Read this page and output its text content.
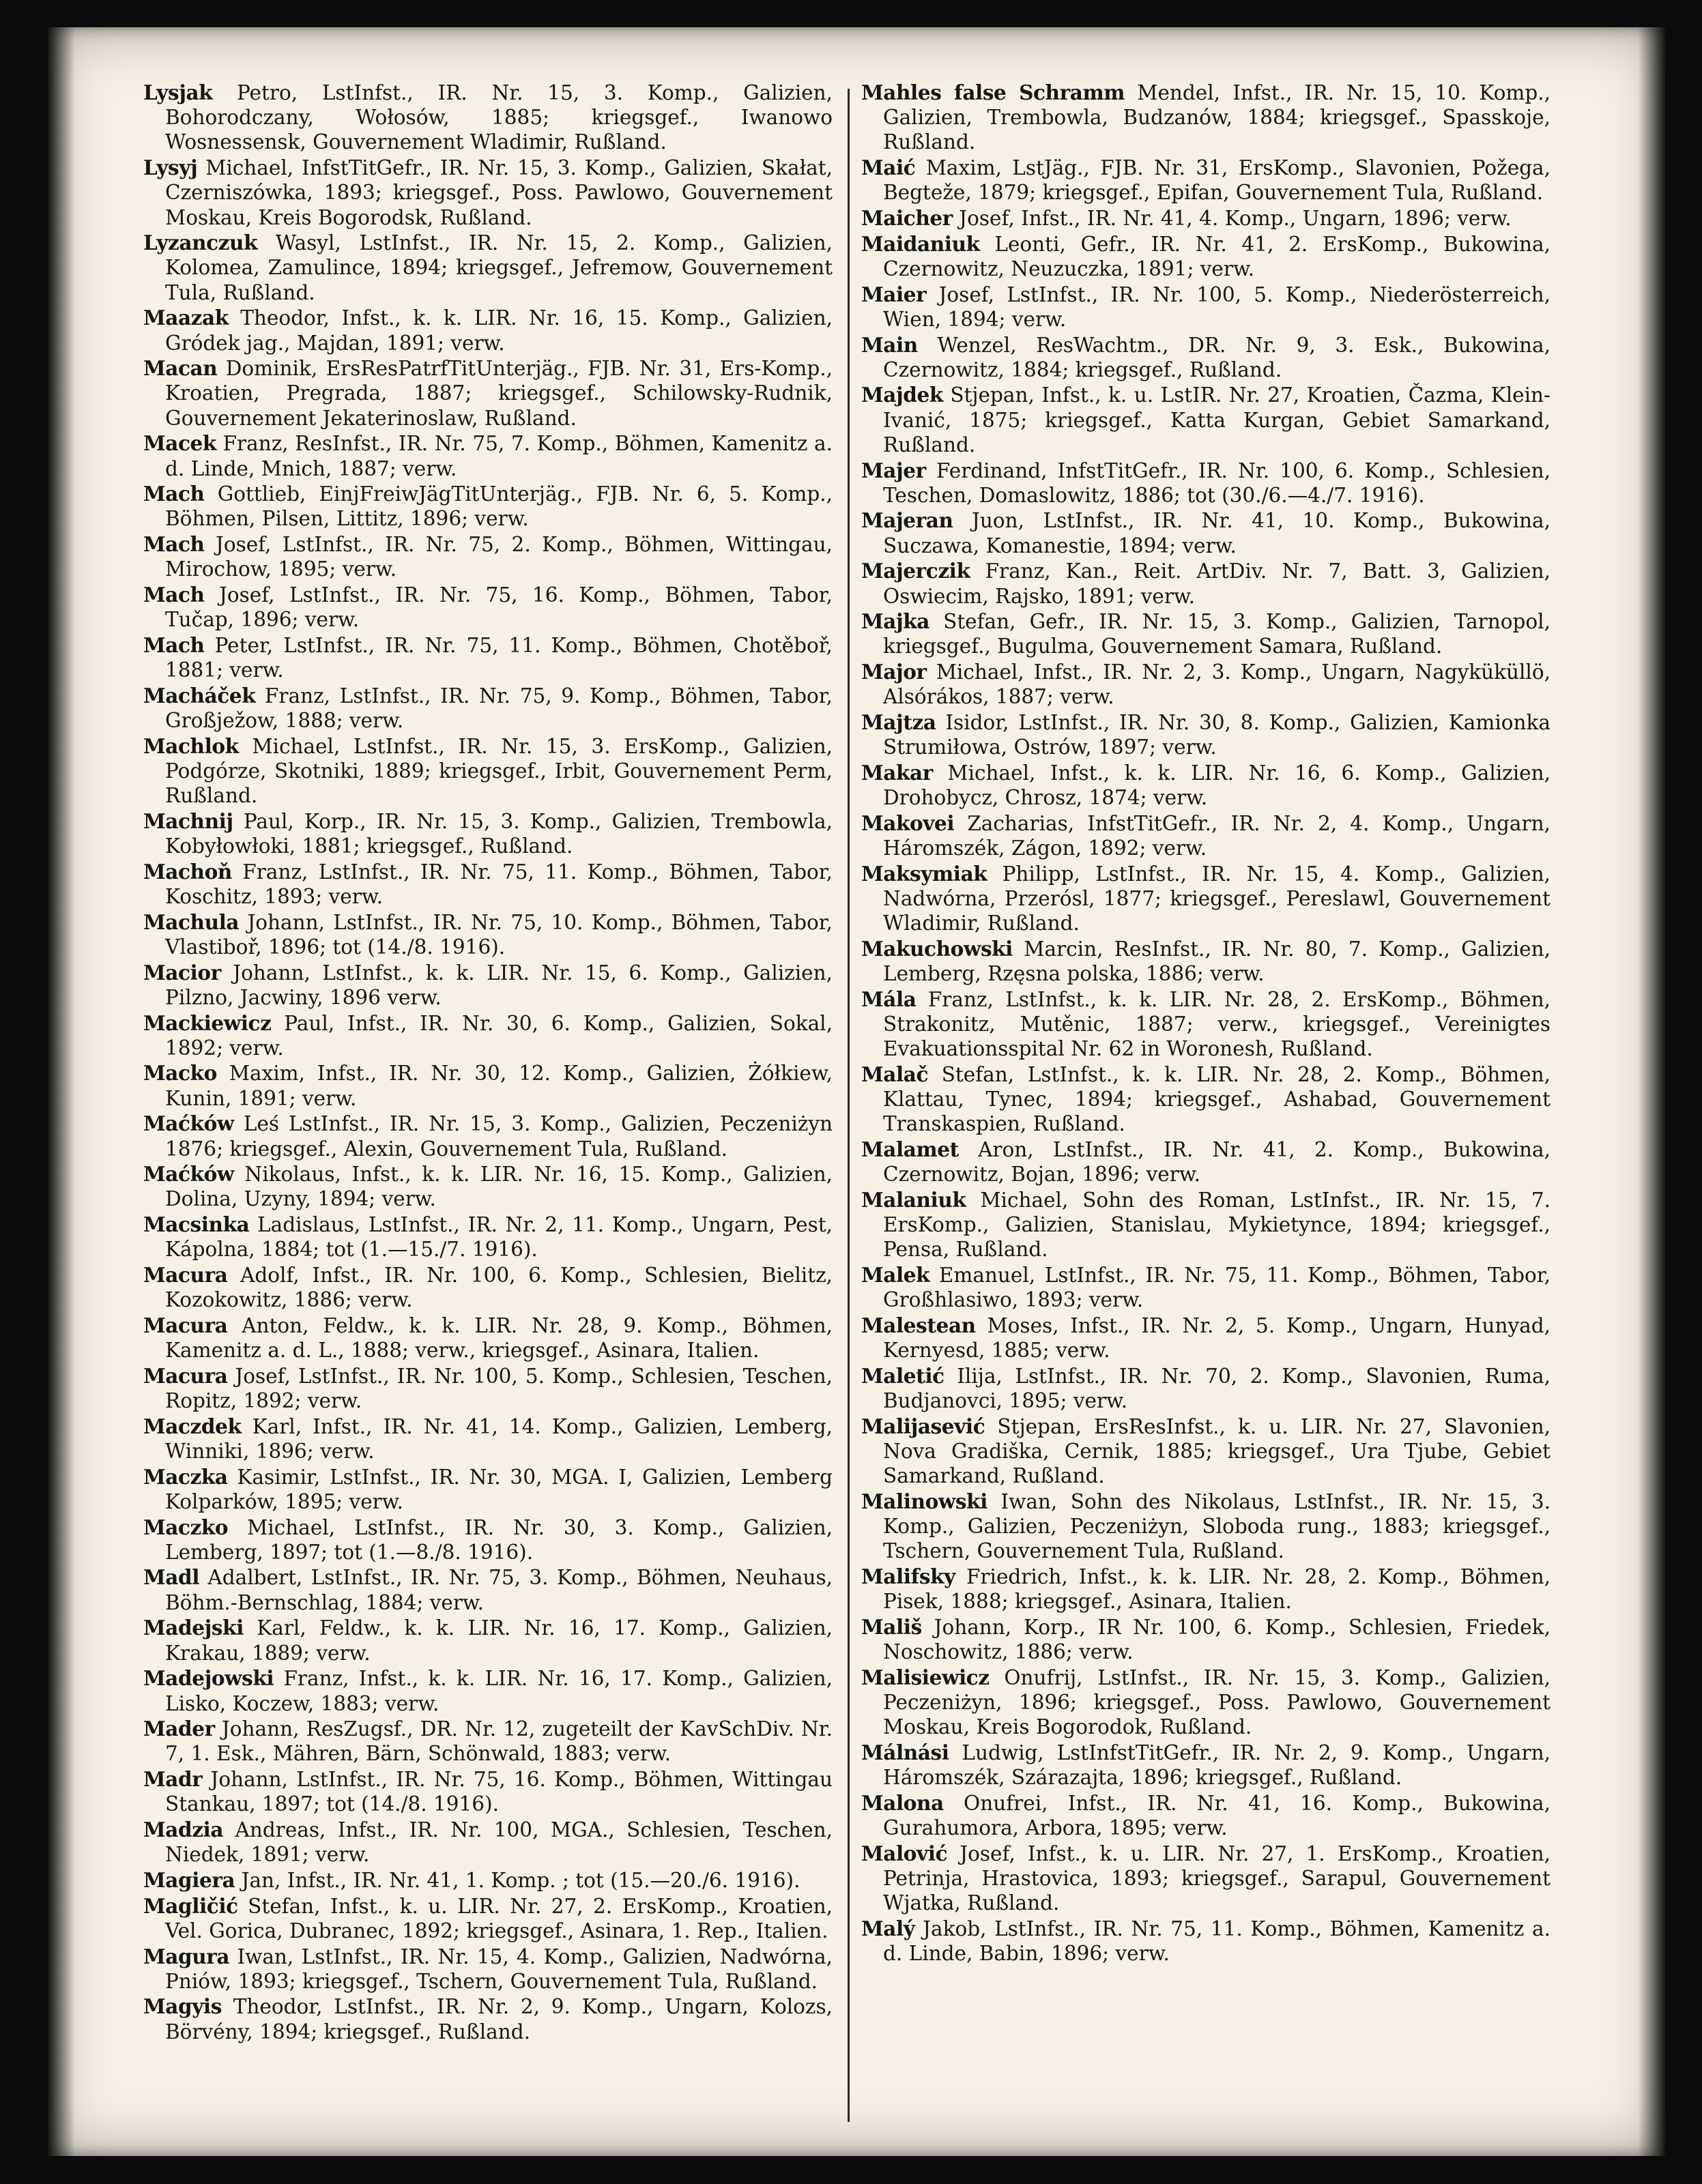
Lysjak Petro, LstInfst., IR. Nr. 15, 3. Komp., Galizien, Bohorodczany, Wołosów, 1885; kriegsgef., Iwanowo Wosnessensk, Gouvernement Wladimir, Rußland.

Lysyj Michael, InfstTitGefr., IR. Nr. 15, 3. Komp., Galizien, Skałat, Czerniszówka, 1893; kriegsgef., Poss. Pawlowo, Gouvernement Moskau, Kreis Bogorodsk, Rußland.

Lyzanczuk Wasyl, LstInfst., IR. Nr. 15, 2. Komp., Galizien, Kolomea, Zamulince, 1894; kriegsgef., Jefremow, Gouvernement Tula, Rußland.

Maazak Theodor, Infst., k. k. LIR. Nr. 16, 15. Komp., Galizien, Gródek jag., Majdan, 1891; verw.

Macan Dominik, ErsResPatrfTitUnterjäg., FJB. Nr. 31, Ers-Komp., Kroatien, Pregrada, 1887; kriegsgef., Schilowsky-Rudnik, Gouvernement Jekaterinoslaw, Rußland.

Macek Franz, ResInfst., IR. Nr. 75, 7. Komp., Böhmen, Kamenitz a. d. Linde, Mnich, 1887; verw.

Mach Gottlieb, EinjFreiwJägTitUnterjäg., FJB. Nr. 6, 5. Komp., Böhmen, Pilsen, Littitz, 1896; verw.

Mach Josef, LstInfst., IR. Nr. 75, 2. Komp., Böhmen, Wittingau, Mirochow, 1895; verw.

Mach Josef, LstInfst., IR. Nr. 75, 16. Komp., Böhmen, Tabor, Tučap, 1896; verw.

Mach Peter, LstInfst., IR. Nr. 75, 11. Komp., Böhmen, Chotěboř, 1881; verw.

Macháček Franz, LstInfst., IR. Nr. 75, 9. Komp., Böhmen, Tabor, Großježow, 1888; verw.

Machlok Michael, LstInfst., IR. Nr. 15, 3. ErsKomp., Galizien, Podgórze, Skotniki, 1889; kriegsgef., Irbit, Gouvernement Perm, Rußland.

Machnij Paul, Korp., IR. Nr. 15, 3. Komp., Galizien, Trembowla, Kobyłowłoki, 1881; kriegsgef., Rußland.

Machoň Franz, LstInfst., IR. Nr. 75, 11. Komp., Böhmen, Tabor, Koschitz, 1893; verw.

Machula Johann, LstInfst., IR. Nr. 75, 10. Komp., Böhmen, Tabor, Vlastiboř, 1896; tot (14./8. 1916).

Macior Johann, LstInfst., k. k. LIR. Nr. 15, 6. Komp., Galizien, Pilzno, Jacwiny, 1896 verw.

Mackiewicz Paul, Infst., IR. Nr. 30, 6. Komp., Galizien, Sokal, 1892; verw.

Macko Maxim, Infst., IR. Nr. 30, 12. Komp., Galizien, Żółkiew, Kunin, 1891; verw.

Maćków Leś LstInfst., IR. Nr. 15, 3. Komp., Galizien, Peczeniżyn 1876; kriegsgef., Alexin, Gouvernement Tula, Rußland.

Maćków Nikolaus, Infst., k. k. LIR. Nr. 16, 15. Komp., Galizien, Dolina, Uzyny, 1894; verw.

Macsinka Ladislaus, LstInfst., IR. Nr. 2, 11. Komp., Ungarn, Pest, Kápolna, 1884; tot (1.—15./7. 1916).

Macura Adolf, Infst., IR. Nr. 100, 6. Komp., Schlesien, Bielitz, Kozokowitz, 1886; verw.

Macura Anton, Feldw., k. k. LIR. Nr. 28, 9. Komp., Böhmen, Kamenitz a. d. L., 1888; verw., kriegsgef., Asinara, Italien.

Macura Josef, LstInfst., IR. Nr. 100, 5. Komp., Schlesien, Teschen, Ropitz, 1892; verw.

Maczdek Karl, Infst., IR. Nr. 41, 14. Komp., Galizien, Lemberg, Winniki, 1896; verw.

Maczka Kasimir, LstInfst., IR. Nr. 30, MGA. I, Galizien, Lemberg Kolparków, 1895; verw.

Maczko Michael, LstInfst., IR. Nr. 30, 3. Komp., Galizien, Lemberg, 1897; tot (1.—8./8. 1916).

Madl Adalbert, LstInfst., IR. Nr. 75, 3. Komp., Böhmen, Neuhaus, Böhm.-Bernschlag, 1884; verw.

Madejski Karl, Feldw., k. k. LIR. Nr. 16, 17. Komp., Galizien, Krakau, 1889; verw.

Madejowski Franz, Infst., k. k. LIR. Nr. 16, 17. Komp., Galizien, Lisko, Koczew, 1883; verw.

Mader Johann, ResZugsf., DR. Nr. 12, zugeteilt der KavSchDiv. Nr. 7, 1. Esk., Mähren, Bärn, Schönwald, 1883; verw.

Madr Johann, LstInfst., IR. Nr. 75, 16. Komp., Böhmen, Wittingau Stankau, 1897; tot (14./8. 1916).

Madzia Andreas, Infst., IR. Nr. 100, MGA., Schlesien, Teschen, Niedek, 1891; verw.

Magiera Jan, Infst., IR. Nr. 41, 1. Komp. ; tot (15.—20./6. 1916).

Magličić Stefan, Infst., k. u. LIR. Nr. 27, 2. ErsKomp., Kroatien, Vel. Gorica, Dubranec, 1892; kriegsgef., Asinara, 1. Rep., Italien.

Magura Iwan, LstInfst., IR. Nr. 15, 4. Komp., Galizien, Nadwórna, Pniów, 1893; kriegsgef., Tschern, Gouvernement Tula, Rußland.

Magyis Theodor, LstInfst., IR. Nr. 2, 9. Komp., Ungarn, Kolozs, Börvény, 1894; kriegsgef., Rußland.

Mahles false Schramm Mendel, Infst., IR. Nr. 15, 10. Komp., Galizien, Trembowla, Budzanów, 1884; kriegsgef., Spasskoje, Rußland.

Maić Maxim, LstJäg., FJB. Nr. 31, ErsKomp., Slavonien, Požega, Begteže, 1879; kriegsgef., Epifan, Gouvernement Tula, Rußland.

Maicher Josef, Infst., IR. Nr. 41, 4. Komp., Ungarn, 1896; verw.

Maidaniuk Leonti, Gefr., IR. Nr. 41, 2. ErsKomp., Bukowina, Czernowitz, Neuzuczka, 1891; verw.

Maier Josef, LstInfst., IR. Nr. 100, 5. Komp., Niederösterreich, Wien, 1894; verw.

Main Wenzel, ResWachtm., DR. Nr. 9, 3. Esk., Bukowina, Czernowitz, 1884; kriegsgef., Rußland.

Majdek Stjepan, Infst., k. u. LstIR. Nr. 27, Kroatien, Čazma, Klein-Ivanić, 1875; kriegsgef., Katta Kurgan, Gebiet Samarkand, Rußland.

Majer Ferdinand, InfstTitGefr., IR. Nr. 100, 6. Komp., Schlesien, Teschen, Domaslowitz, 1886; tot (30./6.—4./7. 1916).

Majeran Juon, LstInfst., IR. Nr. 41, 10. Komp., Bukowina, Suczawa, Komanestie, 1894; verw.

Majerczik Franz, Kan., Reit. ArtDiv. Nr. 7, Batt. 3, Galizien, Oswiecim, Rajsko, 1891; verw.

Majka Stefan, Gefr., IR. Nr. 15, 3. Komp., Galizien, Tarnopol, kriegsgef., Bugulma, Gouvernement Samara, Rußland.

Major Michael, Infst., IR. Nr. 2, 3. Komp., Ungarn, Nagyküküllö, Alsórákos, 1887; verw.

Majtza Isidor, LstInfst., IR. Nr. 30, 8. Komp., Galizien, Kamionka Strumiłowa, Ostrów, 1897; verw.

Makar Michael, Infst., k. k. LIR. Nr. 16, 6. Komp., Galizien, Drohobycz, Chrosz, 1874; verw.

Makovei Zacharias, InfstTitGefr., IR. Nr. 2, 4. Komp., Ungarn, Háromszék, Zágon, 1892; verw.

Maksymiak Philipp, LstInfst., IR. Nr. 15, 4. Komp., Galizien, Nadwórna, Przerósl, 1877; kriegsgef., Pereslawl, Gouvernement Wladimir, Rußland.

Makuchowski Marcin, ResInfst., IR. Nr. 80, 7. Komp., Galizien, Lemberg, Rzęsna polska, 1886; verw.

Mála Franz, LstInfst., k. k. LIR. Nr. 28, 2. ErsKomp., Böhmen, Strakonitz, Mutěnic, 1887; verw., kriegsgef., Vereinigtes Evakuationsspital Nr. 62 in Woronesh, Rußland.

Malač Stefan, LstInfst., k. k. LIR. Nr. 28, 2. Komp., Böhmen, Klattau, Tynec, 1894; kriegsgef., Ashabad, Gouvernement Transkaspien, Rußland.

Malamet Aron, LstInfst., IR. Nr. 41, 2. Komp., Bukowina, Czernowitz, Bojan, 1896; verw.

Malaniuk Michael, Sohn des Roman, LstInfst., IR. Nr. 15, 7. ErsKomp., Galizien, Stanislau, Mykietynce, 1894; kriegsgef., Pensa, Rußland.

Malek Emanuel, LstInfst., IR. Nr. 75, 11. Komp., Böhmen, Tabor, Großhlasiwo, 1893; verw.

Malestean Moses, Infst., IR. Nr. 2, 5. Komp., Ungarn, Hunyad, Kernyesd, 1885; verw.

Maletić Ilija, LstInfst., IR. Nr. 70, 2. Komp., Slavonien, Ruma, Budjanovci, 1895; verw.

Malijasević Stjepan, ErsResInfst., k. u. LIR. Nr. 27, Slavonien, Nova Gradiška, Cernik, 1885; kriegsgef., Ura Tjube, Gebiet Samarkand, Rußland.

Malinowski Iwan, Sohn des Nikolaus, LstInfst., IR. Nr. 15, 3. Komp., Galizien, Peczeniżyn, Sloboda rung., 1883; kriegsgef., Tschern, Gouvernement Tula, Rußland.

Malifsky Friedrich, Infst., k. k. LIR. Nr. 28, 2. Komp., Böhmen, Pisek, 1888; kriegsgef., Asinara, Italien.

Mališ Johann, Korp., IR Nr. 100, 6. Komp., Schlesien, Friedek, Noschowitz, 1886; verw.

Malisiewicz Onufrij, LstInfst., IR. Nr. 15, 3. Komp., Galizien, Peczeniżyn, 1896; kriegsgef., Poss. Pawlowo, Gouvernement Moskau, Kreis Bogorodok, Rußland.

Málnási Ludwig, LstInfstTitGefr., IR. Nr. 2, 9. Komp., Ungarn, Háromszék, Szárazajta, 1896; kriegsgef., Rußland.

Malona Onufrei, Infst., IR. Nr. 41, 16. Komp., Bukowina, Gurahumora, Arbora, 1895; verw.

Malović Josef, Infst., k. u. LIR. Nr. 27, 1. ErsKomp., Kroatien, Petrinja, Hrastovica, 1893; kriegsgef., Sarapul, Gouvernement Wjatka, Rußland.

Malý Jakob, LstInfst., IR. Nr. 75, 11. Komp., Böhmen, Kamenitz a. d. Linde, Babin, 1896; verw.
